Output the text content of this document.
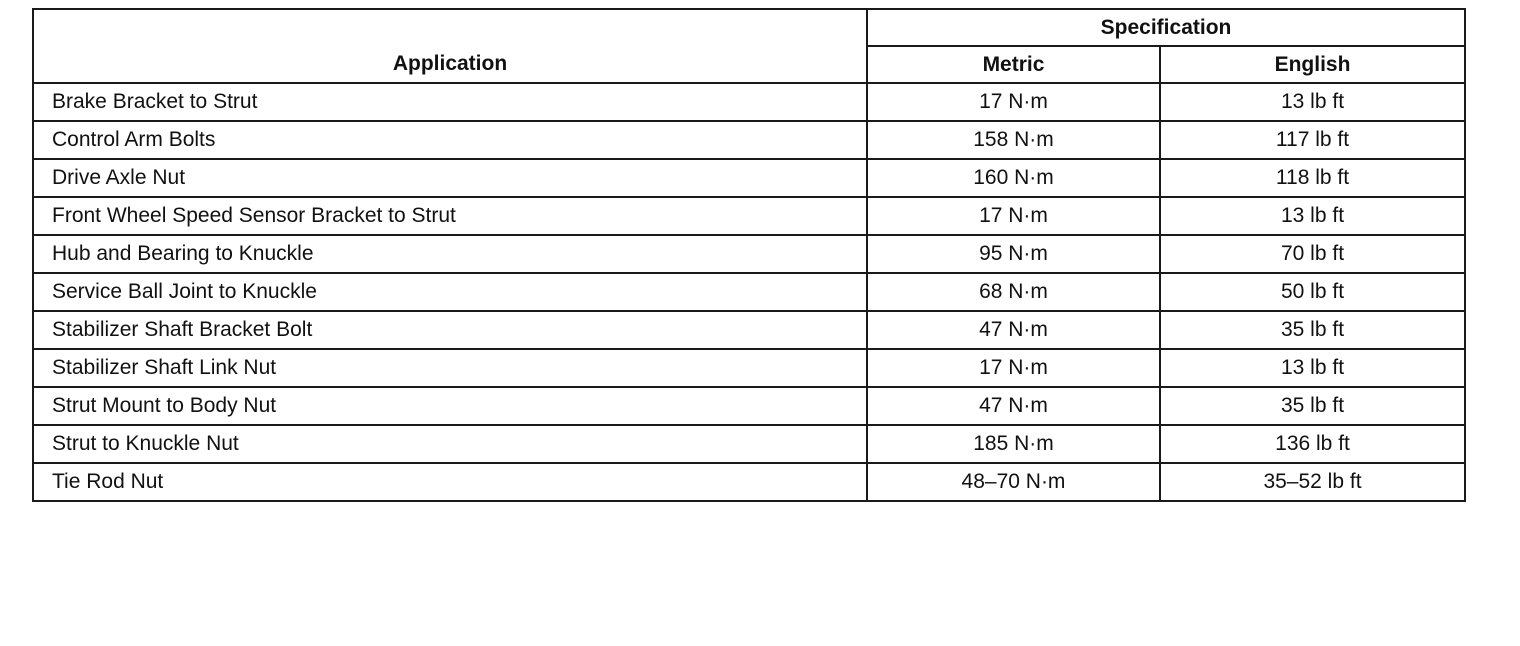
Application	Specification	
	Metric	English
Brake Bracket to Strut	17 N·m	13 lb ft
Control Arm Bolts	158 N·m	117 lb ft
Drive Axle Nut	160 N·m	118 lb ft
Front Wheel Speed Sensor Bracket to Strut	17 N·m	13 lb ft
Hub and Bearing to Knuckle	95 N·m	70 lb ft
Service Ball Joint to Knuckle	68 N·m	50 lb ft
Stabilizer Shaft Bracket Bolt	47 N·m	35 lb ft
Stabilizer Shaft Link Nut	17 N·m	13 lb ft
Strut Mount to Body Nut	47 N·m	35 lb ft
Strut to Knuckle Nut	185 N·m	136 lb ft
Tie Rod Nut	48–70 N·m	35–52 lb ft
